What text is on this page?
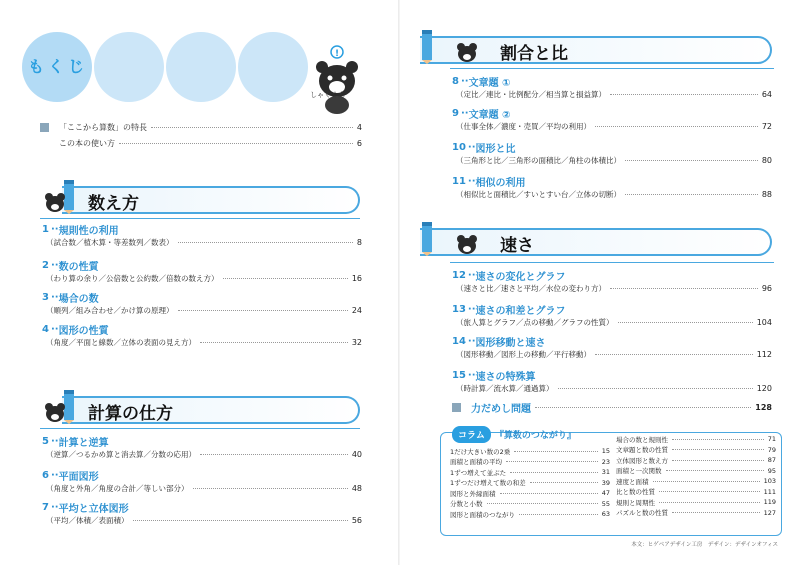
も く じ
!
しゃくくん
「ここから算数」の特長	4
この本の使い方	6
数え方
1 ·· 規則性の利用
（試合数／植木算・等差数列／数表）	8
2 ·· 数の性質
（わり算の余り／公倍数と公約数／倍数の数え方）	16
3 ·· 場合の数
（順列／組み合わせ／かけ算の原理）	24
4 ·· 図形の性質
（角度／平面と線数／立体の表面の見え方）	32
計算の仕方
5 ·· 計算と逆算
（逆算／つるかめ算と消去算／分数の応用）	40
6 ·· 平面図形
（角度と外角／角度の合計／等しい部分）	48
7 ·· 平均と立体図形
（平均／体積／表面積）	56
割合と比
8 ·· 文章題 ①
（定比／連比・比例配分／相当算と損益算）	64
9 ·· 文章題 ②
（仕事全体／濃度・売買／平均の利用）	72
10 ·· 図形と比
（三角形と比／三角形の面積比／角柱の体積比）	80
11 ·· 相似の利用
（相似比と面積比／すいとすい台／立体の切断）	88
速さ
12 ·· 速さの変化とグラフ
（速さと比／速さと平均／水位の変わり方）	96
13 ·· 速さの和差とグラフ
（旅人算とグラフ／点の移動／グラフの性質）	104
14 ·· 図形移動と速さ
（図形移動／図形上の移動／平行移動）	112
15 ·· 速さの特殊算
（時計算／流水算／通過算）	120
力だめし問題	128
コラム	『算数のつながり』
1だけ大きい数の2乗	15
面積と面積の平均	23
1ずつ増えて並ぶた	31
1ずつだけ増えて数の和差	39
図形と外縁面積	47
分数と小数	55
図形と面積のつながり	63
場合の数と規則性	71
文章題と数の性質	79
立体図形と数え方	87
面積と一次関数	95
速度と面積	103
比と数の性質	111
規則と周期性	119
パズルと数の性質	127
本文：ヒゲベアデザイン工房　デザイン：デザインオフィス
